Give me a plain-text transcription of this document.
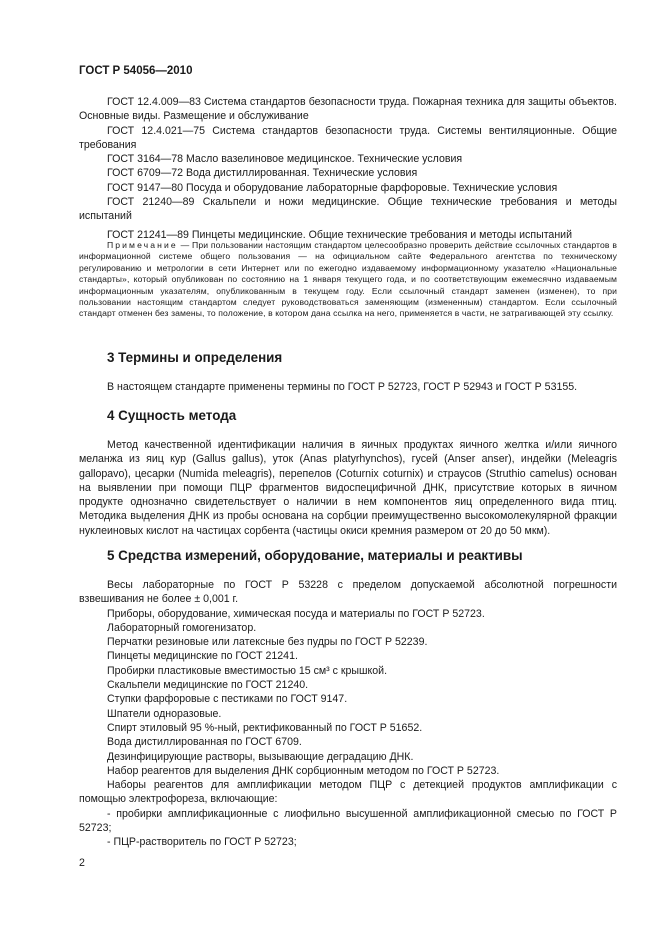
ГОСТ Р 54056—2010

ГОСТ 12.4.009—83 Система стандартов безопасности труда. Пожарная техника для защиты объектов. Основные виды. Размещение и обслуживание

ГОСТ 12.4.021—75 Система стандартов безопасности труда. Системы вентиляционные. Общие требования

ГОСТ 3164—78 Масло вазелиновое медицинское. Технические условия

ГОСТ 6709—72 Вода дистиллированная. Технические условия

ГОСТ 9147—80 Посуда и оборудование лабораторные фарфоровые. Технические условия

ГОСТ 21240—89 Скальпели и ножи медицинские. Общие технические требования и методы испытаний

ГОСТ 21241—89 Пинцеты медицинские. Общие технические требования и методы испытаний

Примечание — При пользовании настоящим стандартом целесообразно проверить действие ссылочных стандартов в информационной системе общего пользования — на официальном сайте Федерального агентства по техническому регулированию и метрологии в сети Интернет или по ежегодно издаваемому информационному указателю «Национальные стандарты», который опубликован по состоянию на 1 января текущего года, и по соответствующим ежемесячно издаваемым информационным указателям, опубликованным в текущем году. Если ссылочный стандарт заменен (изменен), то при пользовании настоящим стандартом следует руководствоваться заменяющим (измененным) стандартом. Если ссылочный стандарт отменен без замены, то положение, в котором дана ссылка на него, применяется в части, не затрагивающей эту ссылку.

3 Термины и определения

В настоящем стандарте применены термины по ГОСТ Р 52723, ГОСТ Р 52943 и ГОСТ Р 53155.

4 Сущность метода

Метод качественной идентификации наличия в яичных продуктах яичного желтка и/или яичного меланжа из яиц кур (Gallus gallus), уток (Anas platyrhynchos), гусей (Anser anser), индейки (Meleagris gallopavo), цесарки (Numida meleagris), перепелов (Coturnix coturnix) и страусов (Struthio camelus) основан на выявлении при помощи ПЦР фрагментов видоспецифичной ДНК, присутствие которых в яичном продукте однозначно свидетельствует о наличии в нем компонентов яиц определенного вида птиц. Методика выделения ДНК из пробы основана на сорбции преимущественно высокомолекулярной фракции нуклеиновых кислот на частицах сорбента (частицы окиси кремния размером от 20 до 50 мкм).

5 Средства измерений, оборудование, материалы и реактивы

Весы лабораторные по ГОСТ Р 53228 с пределом допускаемой абсолютной погрешности взвешивания не более ± 0,001 г.

Приборы, оборудование, химическая посуда и материалы по ГОСТ Р 52723.

Лабораторный гомогенизатор.

Перчатки резиновые или латексные без пудры по ГОСТ Р 52239.

Пинцеты медицинские по ГОСТ 21241.

Пробирки пластиковые вместимостью 15 см³ с крышкой.

Скальпели медицинские по ГОСТ 21240.

Ступки фарфоровые с пестиками по ГОСТ 9147.

Шпатели одноразовые.

Спирт этиловый 95 %-ный, ректификованный по ГОСТ Р 51652.

Вода дистиллированная по ГОСТ 6709.

Дезинфицирующие растворы, вызывающие деградацию ДНК.

Набор реагентов для выделения ДНК сорбционным методом по ГОСТ Р 52723.

Наборы реагентов для амплификации методом ПЦР с детекцией продуктов амплификации с помощью электрофореза, включающие:

- пробирки амплификационные с лиофильно высушенной амплификационной смесью по ГОСТ Р 52723;

- ПЦР-растворитель по ГОСТ Р 52723;

2
